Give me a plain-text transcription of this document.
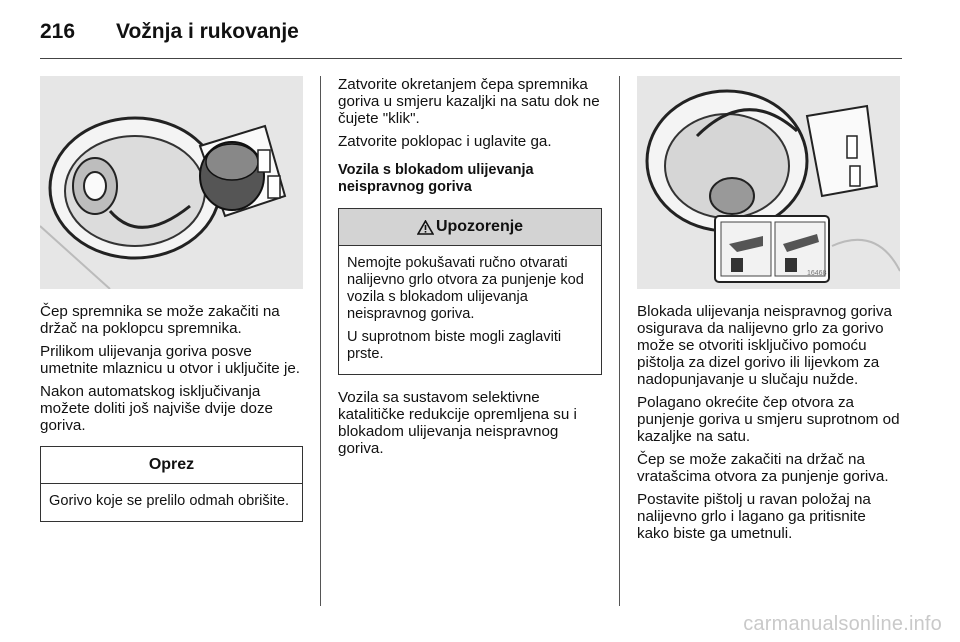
216 Vožnja i rukovanje

Čep spremnika se može zakačiti na držač na poklopcu spremnika.

Prilikom ulijevanja goriva posve umetnite mlaznicu u otvor i uključite je.

Nakon automatskog isključivanja možete doliti još najviše dvije doze goriva.

Oprez

Gorivo koje se prelilo odmah obrišite.

Zatvorite okretanjem čepa spremnika goriva u smjeru kazaljki na satu dok ne čujete "klik".

Zatvorite poklopac i uglavite ga.

Vozila s blokadom ulijevanja neispravnog goriva
Upozorenje

Nemojte pokušavati ručno otvarati nalijevno grlo otvora za punjenje kod vozila s blokadom ulijevanja neispravnog goriva.

U suprotnom biste mogli zaglaviti prste.

Vozila sa sustavom selektivne katalitičke redukcije opremljena su i blokadom ulijevanja neispravnog goriva.

16468

Blokada ulijevanja neispravnog goriva osigurava da nalijevno grlo za gorivo može se otvoriti isključivo pomoću pištolja za dizel gorivo ili lijevkom za nadopunjavanje u slučaju nužde.

Polagano okrećite čep otvora za punjenje goriva u smjeru suprotnom od kazaljke na satu.

Čep se može zakačiti na držač na vratašcima otvora za punjenje goriva.

Postavite pištolj u ravan položaj na nalijevno grlo i lagano ga pritisnite kako biste ga umetnuli.

carmanualsonline.info
